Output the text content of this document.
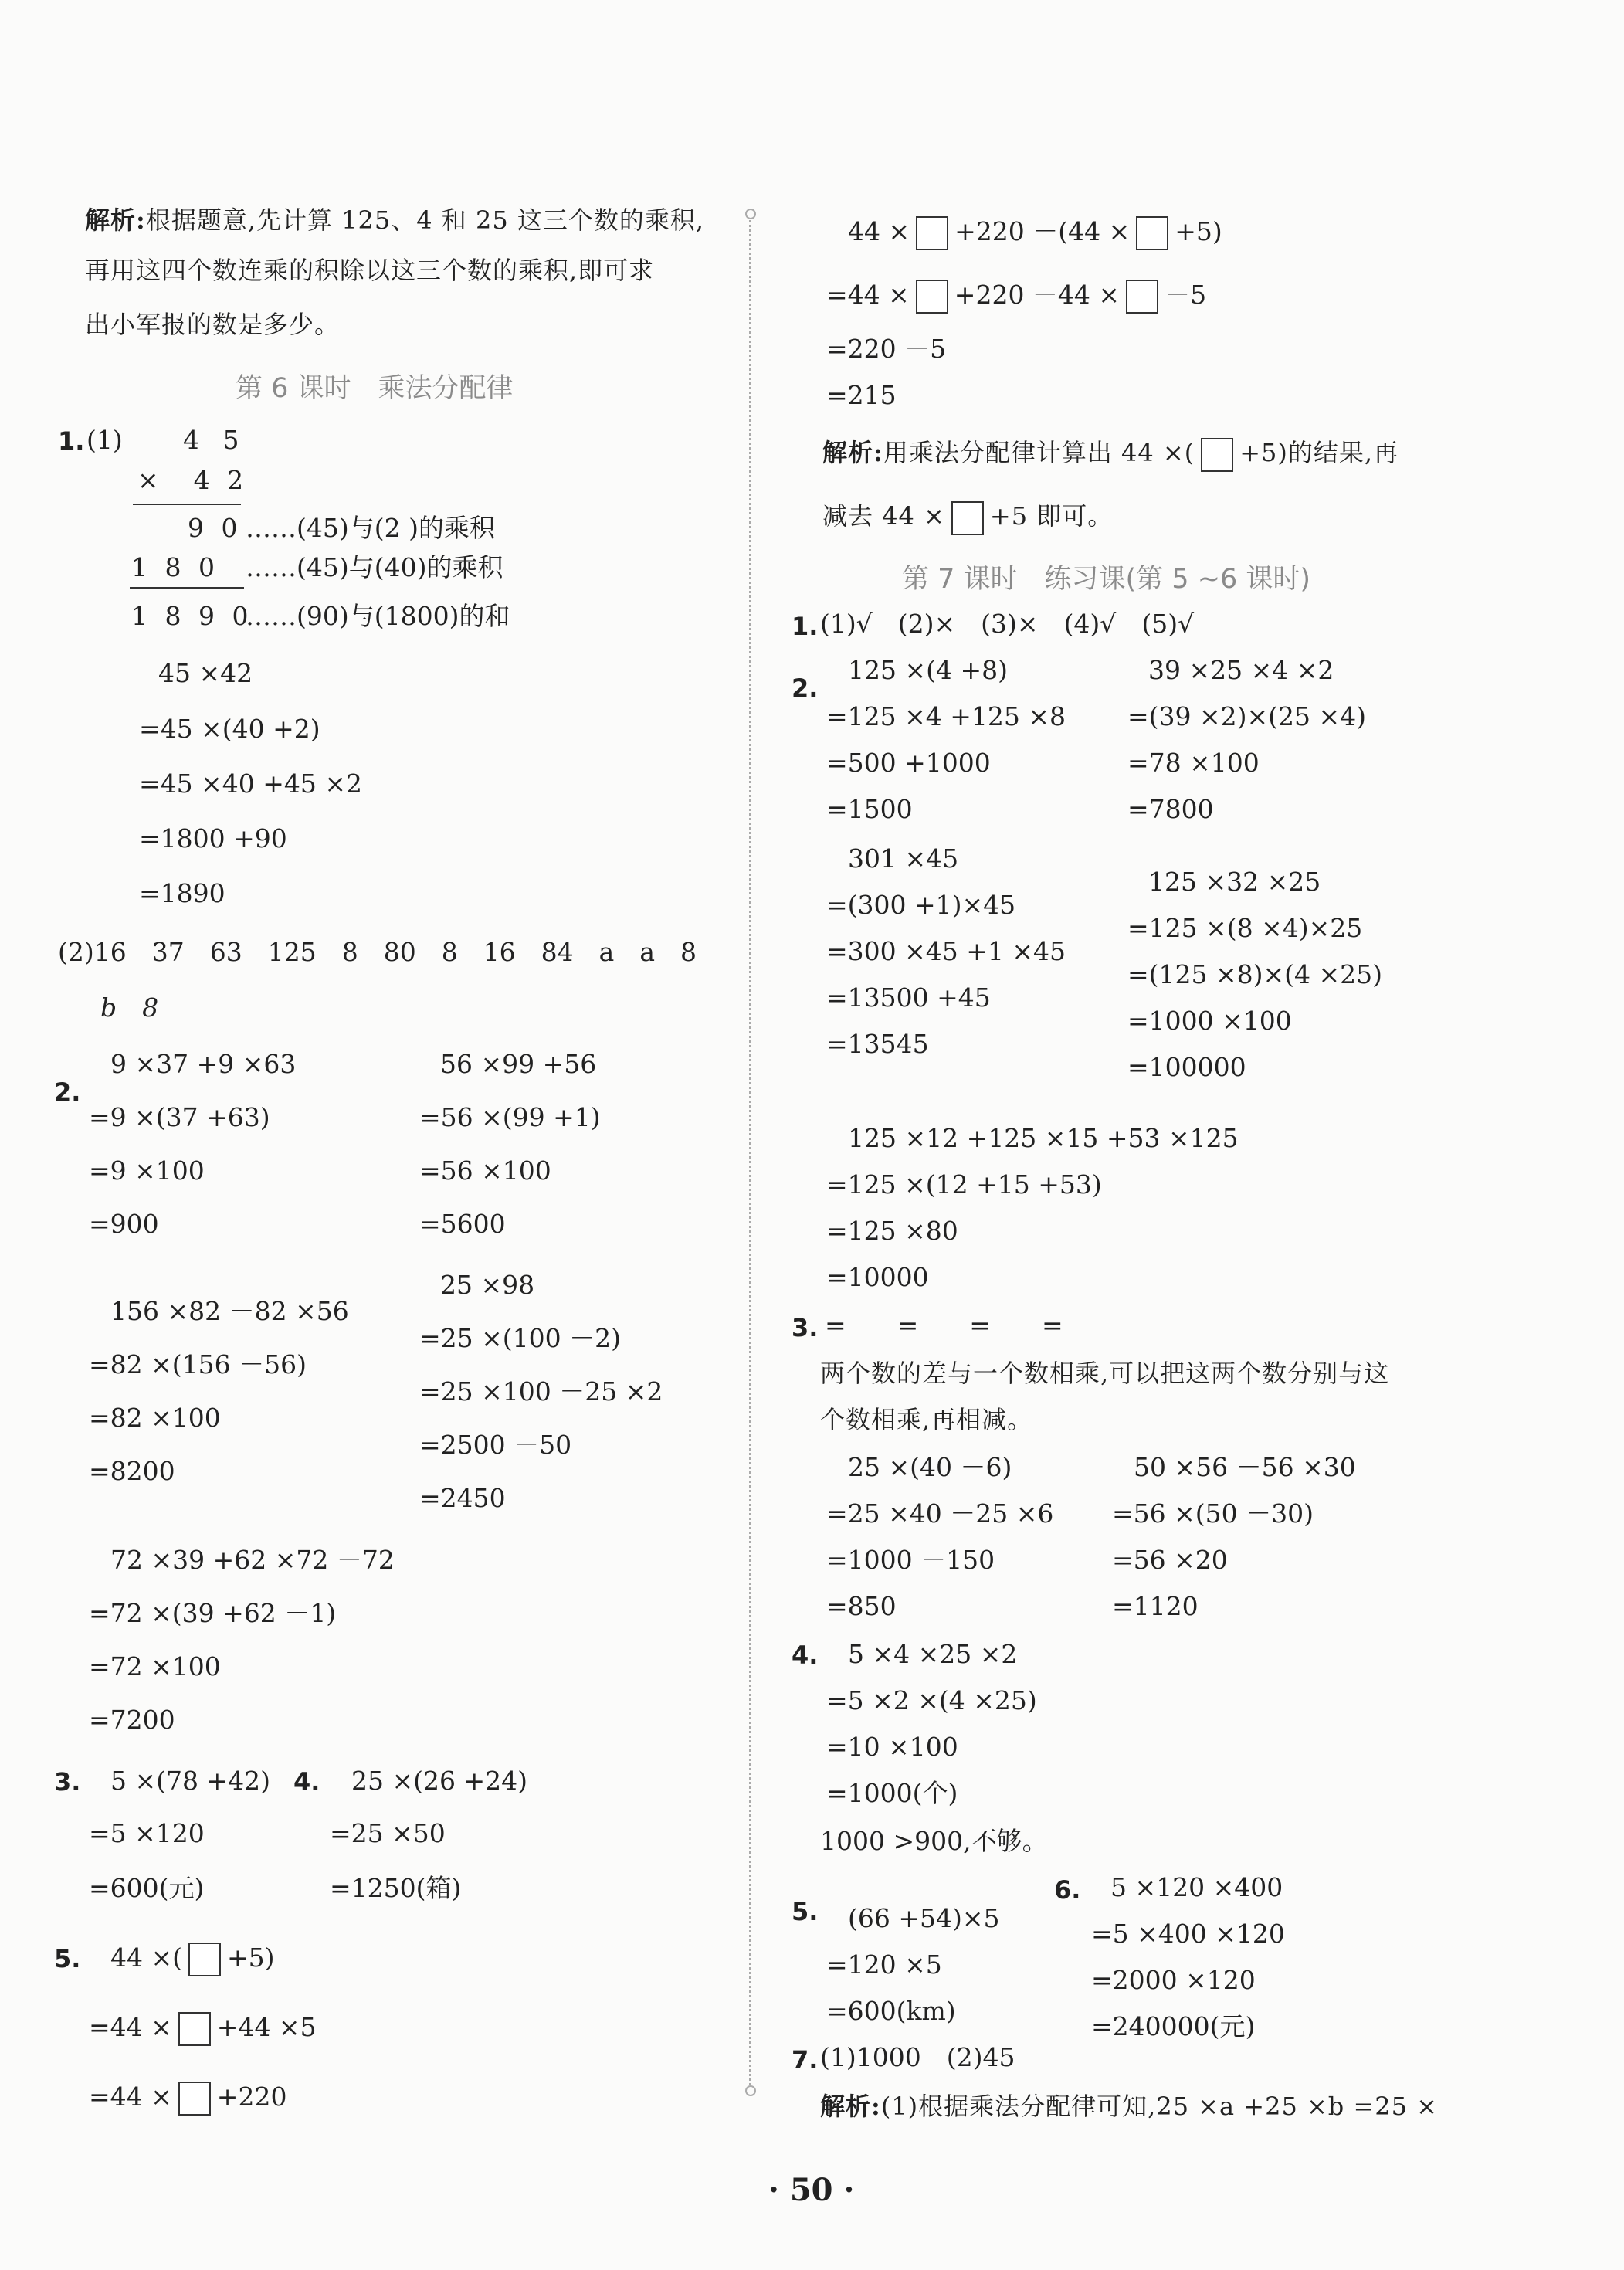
解析:根据题意,先计算 125、4 和 25 这三个数的乘积,
再用这四个数连乘的积除以这三个数的乘积,即可求
出小军报的数是多少。
第 6 课时　乘法分配律
1. (1) 4 5
×　4 2
9 0 ……(45)与(2 )的乘积
1 8 0 ……(45)与(40)的乘积
1 8 9 0
……(90)与(1800)的和
45 ×42
=45 ×(40 +2)
=45 ×40 +45 ×2
=1800 +90
=1890
(2)16　37　63　125　8　80　8　16　84　a　a　8
b　8
2.
9 ×37 +9 ×63
=9 ×(37 +63)
=9 ×100
=900
56 ×99 +56
=56 ×(99 +1)
=56 ×100
=5600
156 ×82 －82 ×56
=82 ×(156 －56)
=82 ×100
=8200
25 ×98
=25 ×(100 －2)
=25 ×100 －25 ×2
=2500 －50
=2450
72 ×39 +62 ×72 －72
=72 ×(39 +62 －1)
=72 ×100
=7200
3. 5 ×(78 +42)
=5 ×120
=600(元)
4. 25 ×(26 +24)
=25 ×50
=1250(箱)
5. 44 ×( +5)
=44 × +44 ×5
=44 × +220
44 × +220 －(44 × +5)
=44 × +220 －44 × －5
=220 －5
=215
解析:用乘法分配律计算出 44 ×( +5)的结果,再
减去 44 × +5 即可。
第 7 课时　练习课(第 5 ~6 课时)
1. (1)√　(2)×　(3)×　(4)√　(5)√
2.
125 ×(4 +8)
=125 ×4 +125 ×8
=500 +1000
=1500
39 ×25 ×4 ×2
=(39 ×2)×(25 ×4)
=78 ×100
=7800
301 ×45
=(300 +1)×45
=300 ×45 +1 ×45
=13500 +45
=13545
125 ×32 ×25
=125 ×(8 ×4)×25
=(125 ×8)×(4 ×25)
=1000 ×100
=100000
125 ×12 +125 ×15 +53 ×125
=125 ×(12 +15 +53)
=125 ×80
=10000
3. =　　=　　=　　=
两个数的差与一个数相乘,可以把这两个数分别与这
个数相乘,再相减。
25 ×(40 －6)
=25 ×40 －25 ×6
=1000 －150
=850
50 ×56 －56 ×30
=56 ×(50 －30)
=56 ×20
=1120
4. 5 ×4 ×25 ×2
=5 ×2 ×(4 ×25)
=10 ×100
=1000(个)
1000 >900,不够。
5. (66 +54)×5
=120 ×5
=600(km)
6. 5 ×120 ×400
=5 ×400 ×120
=2000 ×120
=240000(元)
7. (1)1000　(2)45
解析:(1)根据乘法分配律可知,25 ×a +25 ×b =25 ×
· 50 ·
